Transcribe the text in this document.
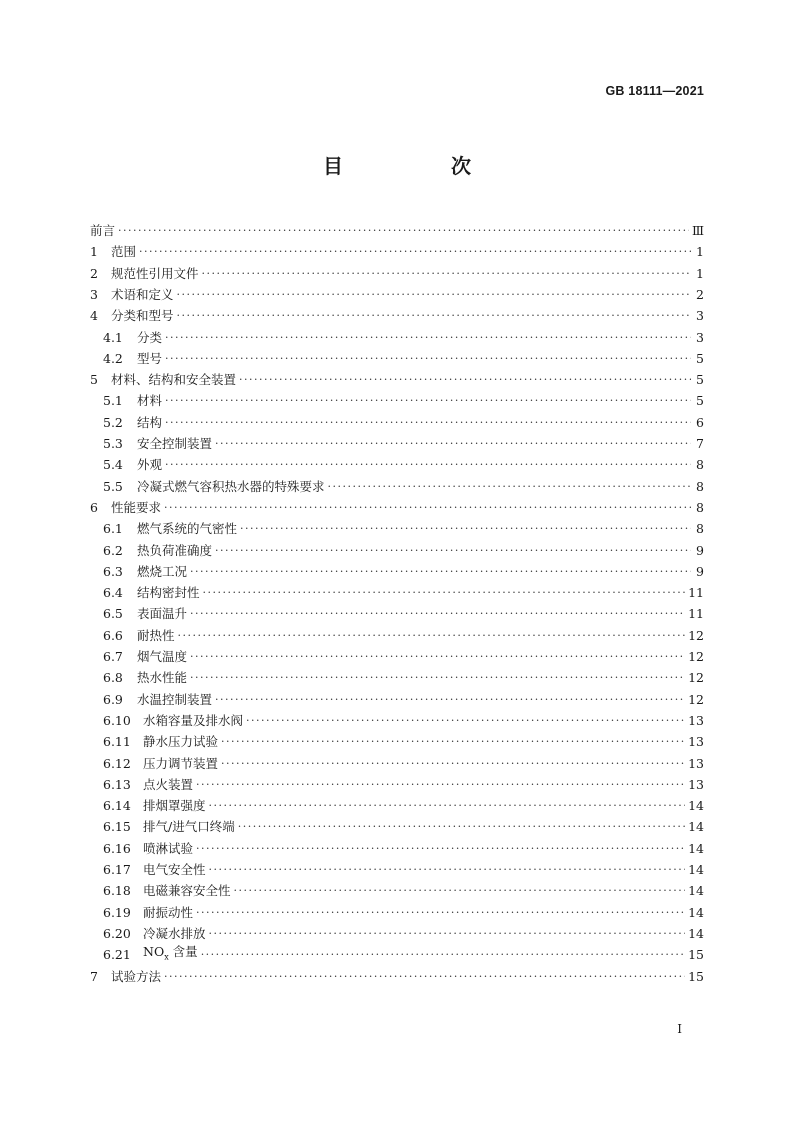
GB 18111—2021
目　次
前言 ·····	Ⅲ
1	范围 ·····	1
2	规范性引用文件 ·····	1
3	术语和定义 ·····	2
4	分类和型号 ·····	3
4.1	分类 ·····	3
4.2	型号 ·····	5
5	材料、结构和安全装置 ·····	5
5.1	材料 ·····	5
5.2	结构 ·····	6
5.3	安全控制装置 ·····	7
5.4	外观 ·····	8
5.5	冷凝式燃气容积热水器的特殊要求 ·····	8
6	性能要求 ·····	8
6.1	燃气系统的气密性 ·····	8
6.2	热负荷准确度 ·····	9
6.3	燃烧工况 ·····	9
6.4	结构密封性 ·····	11
6.5	表面温升 ·····	11
6.6	耐热性 ·····	12
6.7	烟气温度 ·····	12
6.8	热水性能 ·····	12
6.9	水温控制装置 ·····	12
6.10 水箱容量及排水阀 ·····	13
6.11 静水压力试验 ·····	13
6.12 压力调节装置 ·····	13
6.13 点火装置 ·····	13
6.14 排烟罩强度 ·····	14
6.15 排气/进气口终端 ·····	14
6.16 喷淋试验 ·····	14
6.17 电气安全性 ·····	14
6.18 电磁兼容安全性 ·····	14
6.19 耐振动性 ·····	14
6.20 冷凝水排放 ·····	14
6.21 $NO_x$ 含量 ·····	15
7	试验方法 ·····	15
Ⅰ
